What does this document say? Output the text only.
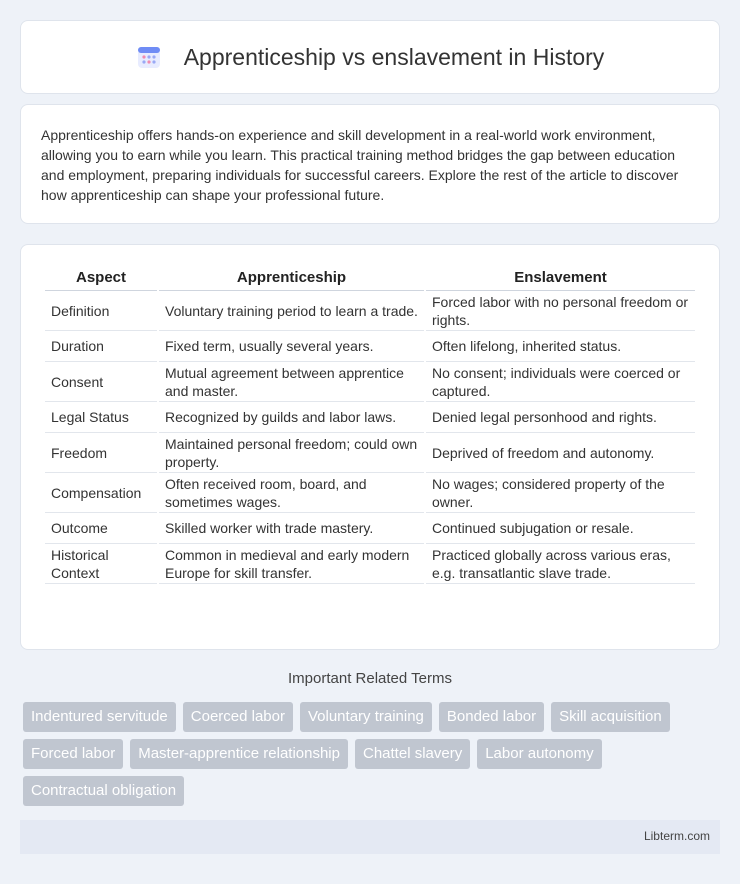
Apprenticeship vs enslavement in History

Apprenticeship offers hands-on experience and skill development in a real-world work environment, allowing you to earn while you learn. This practical training method bridges the gap between education and employment, preparing individuals for successful careers. Explore the rest of the article to discover how apprenticeship can shape your professional future.

Aspect	Apprenticeship	Enslavement
Definition	Voluntary training period to learn a trade.	Forced labor with no personal freedom or rights.
Duration	Fixed term, usually several years.	Often lifelong, inherited status.
Consent	Mutual agreement between apprentice and master.	No consent; individuals were coerced or captured.
Legal Status	Recognized by guilds and labor laws.	Denied legal personhood and rights.
Freedom	Maintained personal freedom; could own property.	Deprived of freedom and autonomy.
Compensation	Often received room, board, and sometimes wages.	No wages; considered property of the owner.
Outcome	Skilled worker with trade mastery.	Continued subjugation or resale.
Historical Context	Common in medieval and early modern Europe for skill transfer.	Practiced globally across various eras, e.g. transatlantic slave trade.
Important Related Terms
Indentured servitude	Coerced labor	Voluntary training	Bonded labor	Skill acquisition
Forced labor	Master-apprentice relationship	Chattel slavery	Labor autonomy
Contractual obligation
Libterm.com
